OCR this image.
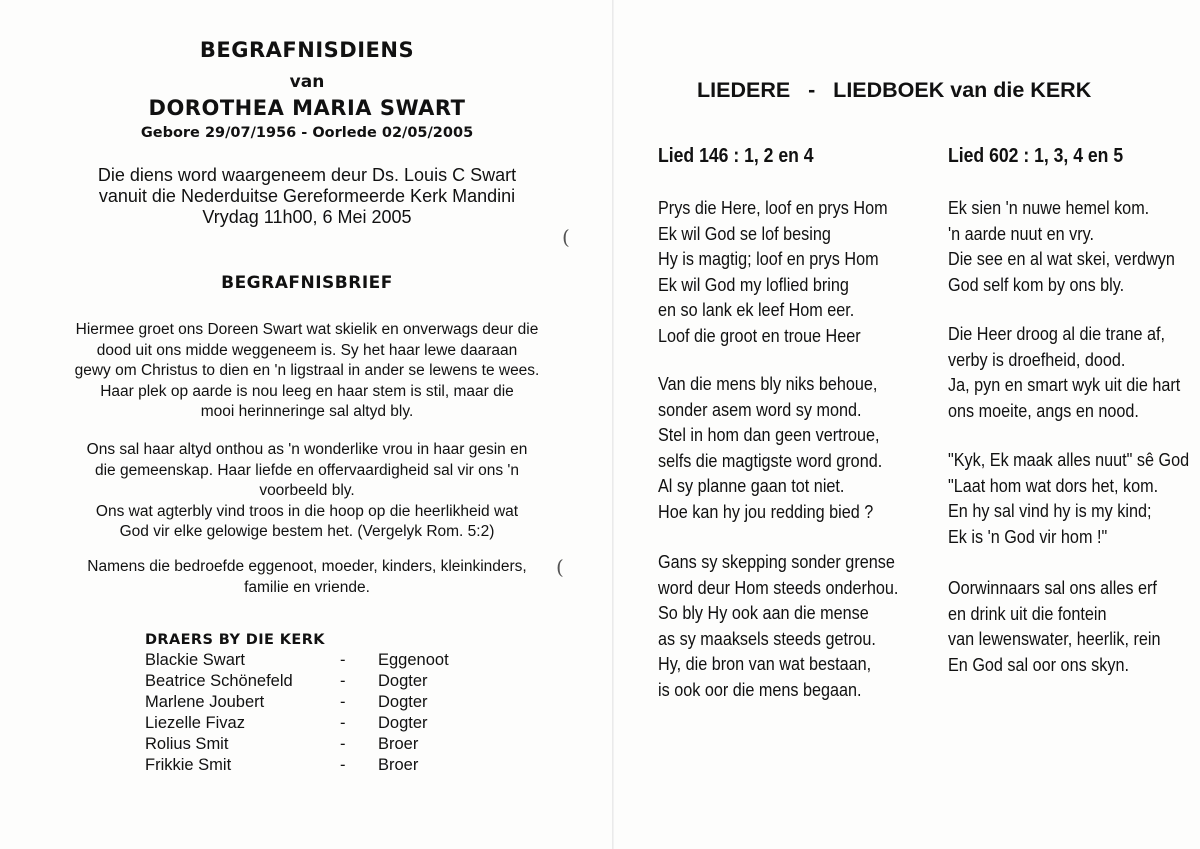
BEGRAFNISDIENS
van
DOROTHEA MARIA SWART
Gebore 29/07/1956 - Oorlede 02/05/2005
Die diens word waargeneem deur Ds. Louis C Swart
vanuit die Nederduitse Gereformeerde Kerk Mandini
Vrydag 11h00, 6 Mei 2005
BEGRAFNISBRIEF
Hiermee groet ons Doreen Swart wat skielik en onverwags deur die
dood uit ons midde weggeneem is. Sy het haar lewe daaraan
gewy om Christus to dien en 'n ligstraal in ander se lewens te wees.
Haar plek op aarde is nou leeg en haar stem is stil, maar die
mooi herinneringe sal altyd bly.
Ons sal haar altyd onthou as 'n wonderlike vrou in haar gesin en
die gemeenskap. Haar liefde en offervaardigheid sal vir ons 'n
voorbeeld bly.
Ons wat agterbly vind troos in die hoop op die heerlikheid wat
God vir elke gelowige bestem het. (Vergelyk Rom. 5:2)
Namens die bedroefde eggenoot, moeder, kinders, kleinkinders,
familie en vriende.
DRAERS BY DIE KERK
Blackie Swart	- Eggenoot
Beatrice Schönefeld	- Dogter
Marlene Joubert	- Dogter
Liezelle Fivaz	- Dogter
Rolius Smit	- Broer
Frikkie Smit	- Broer
(
(
LIEDERE   -   LIEDBOEK van die KERK
Lied 146 : 1, 2 en 4	Lied 602 : 1, 3, 4 en 5
Prys die Here, loof en prys Hom
Ek wil God se lof besing
Hy is magtig; loof en prys Hom
Ek wil God my loflied bring
en so lank ek leef Hom eer.
Loof die groot en troue Heer
Van die mens bly niks behoue,
sonder asem word sy mond.
Stel in hom dan geen vertroue,
selfs die magtigste word grond.
Al sy planne gaan tot niet.
Hoe kan hy jou redding bied ?
Gans sy skepping sonder grense
word deur Hom steeds onderhou.
So bly Hy ook aan die mense
as sy maaksels steeds getrou.
Hy, die bron van wat bestaan,
is ook oor die mens begaan.
Ek sien 'n nuwe hemel kom.
'n aarde nuut en vry.
Die see en al wat skei, verdwyn
God self kom by ons bly.
Die Heer droog al die trane af,
verby is droefheid, dood.
Ja, pyn en smart wyk uit die hart
ons moeite, angs en nood.
"Kyk, Ek maak alles nuut" sê God
"Laat hom wat dors het, kom.
En hy sal vind hy is my kind;
Ek is 'n God vir hom !"
Oorwinnaars sal ons alles erf
en drink uit die fontein
van lewenswater, heerlik, rein
En God sal oor ons skyn.
